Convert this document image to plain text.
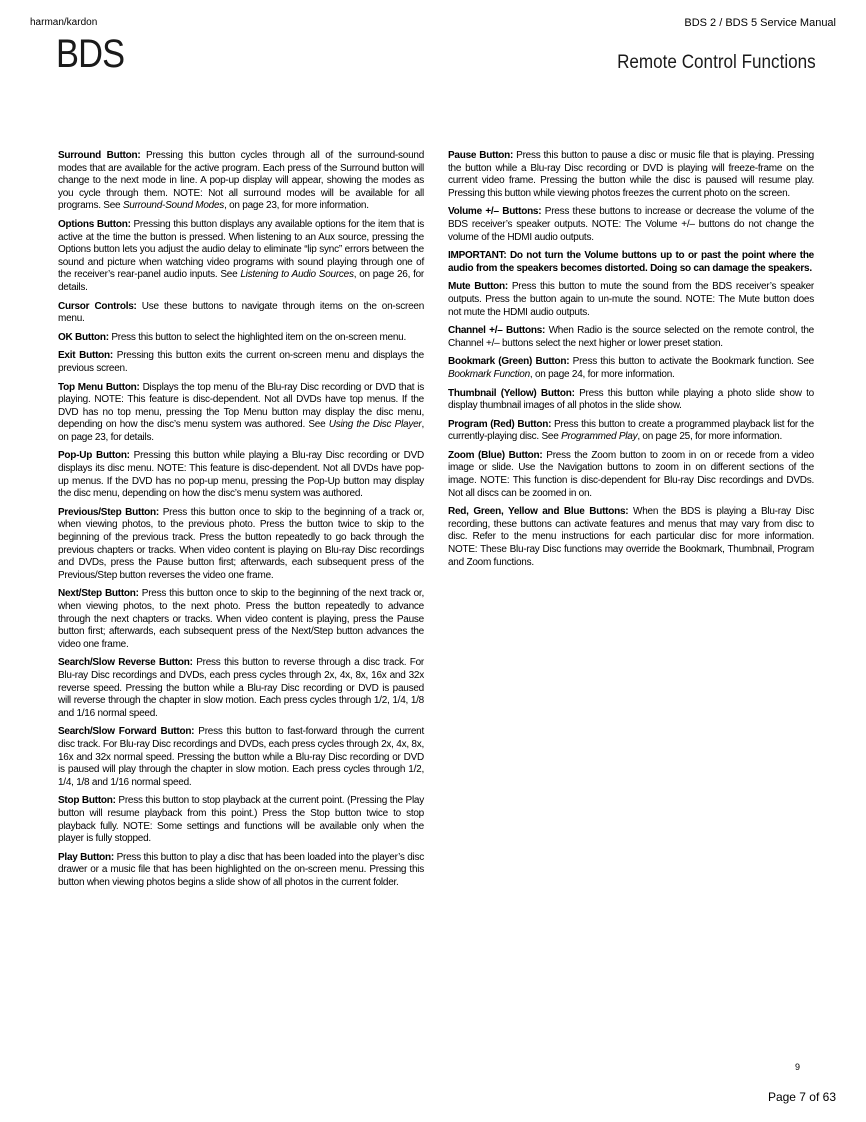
harman/kardon	BDS 2 / BDS 5 Service Manual
BDS	Remote Control Functions

Surround Button: Pressing this button cycles through all of the surround-sound modes that are available for the active program. Each press of the Surround button will change to the next mode in line. A pop-up display will appear, showing the modes as you cycle through them. NOTE: Not all surround modes will be available for all programs. See Surround-Sound Modes, on page 23, for more information.

Options Button: Pressing this button displays any available options for the item that is active at the time the button is pressed. When listening to an Aux source, pressing the Options button lets you adjust the audio delay to eliminate “lip sync” errors between the sound and picture when watching video programs with sound playing through one of the receiver’s rear-panel audio inputs. See Listening to Audio Sources, on page 26, for details.

Cursor Controls: Use these buttons to navigate through items on the on-screen menu.

OK Button: Press this button to select the highlighted item on the on-screen menu.

Exit Button: Pressing this button exits the current on-screen menu and displays the previous screen.

Top Menu Button: Displays the top menu of the Blu-ray Disc recording or DVD that is playing. NOTE: This feature is disc-dependent. Not all DVDs have top menus. If the DVD has no top menu, pressing the Top Menu button may display the disc menu, depending on how the disc’s menu system was authored. See Using the Disc Player, on page 23, for details.

Pop-Up Button: Pressing this button while playing a Blu-ray Disc recording or DVD displays its disc menu. NOTE: This feature is disc-dependent. Not all DVDs have pop-up menus. If the DVD has no pop-up menu, pressing the Pop-Up button may display the disc menu, depending on how the disc’s menu system was authored.

Previous/Step Button: Press this button once to skip to the beginning of a track or, when viewing photos, to the previous photo. Press the button twice to skip to the beginning of the previous track. Press the button repeatedly to go back through the previous chapters or tracks. When video content is playing on Blu-ray Disc recordings and DVDs, press the Pause button first; afterwards, each subsequent press of the Previous/Step button reverses the video one frame.

Next/Step Button: Press this button once to skip to the beginning of the next track or, when viewing photos, to the next photo. Press the button repeatedly to advance through the next chapters or tracks. When video content is playing, press the Pause button first; afterwards, each subsequent press of the Next/Step button advances the video one frame.

Search/Slow Reverse Button: Press this button to reverse through a disc track. For Blu-ray Disc recordings and DVDs, each press cycles through 2x, 4x, 8x, 16x and 32x reverse speed. Pressing the button while a Blu-ray Disc recording or DVD is paused will reverse through the chapter in slow motion. Each press cycles through 1/2, 1/4, 1/8 and 1/16 normal speed.

Search/Slow Forward Button: Press this button to fast-forward through the current disc track. For Blu-ray Disc recordings and DVDs, each press cycles through 2x, 4x, 8x, 16x and 32x normal speed. Pressing the button while a Blu-ray Disc recording or DVD is paused will play through the chapter in slow motion. Each press cycles through 1/2, 1/4, 1/8 and 1/16 normal speed.

Stop Button: Press this button to stop playback at the current point. (Pressing the Play button will resume playback from this point.) Press the Stop button twice to stop playback fully. NOTE: Some settings and functions will be available only when the player is fully stopped.

Play Button: Press this button to play a disc that has been loaded into the player’s disc drawer or a music file that has been highlighted on the on-screen menu. Pressing this button when viewing photos begins a slide show of all photos in the current folder.

Pause Button: Press this button to pause a disc or music file that is playing. Pressing the button while a Blu-ray Disc recording or DVD is playing will freeze-frame on the current video frame. Pressing the button while the disc is paused will resume play. Pressing this button while viewing photos freezes the current photo on the screen.

Volume +/– Buttons: Press these buttons to increase or decrease the volume of the BDS receiver’s speaker outputs. NOTE: The Volume +/– buttons do not change the volume of the HDMI audio outputs.

IMPORTANT: Do not turn the Volume buttons up to or past the point where the audio from the speakers becomes distorted. Doing so can damage the speakers.

Mute Button: Press this button to mute the sound from the BDS receiver’s speaker outputs. Press the button again to un-mute the sound. NOTE: The Mute button does not mute the HDMI audio outputs.

Channel +/– Buttons: When Radio is the source selected on the remote control, the Channel +/– buttons select the next higher or lower preset station.

Bookmark (Green) Button: Press this button to activate the Bookmark function. See Bookmark Function, on page 24, for more information.

Thumbnail (Yellow) Button: Press this button while playing a photo slide show to display thumbnail images of all photos in the slide show.

Program (Red) Button: Press this button to create a programmed playback list for the currently-playing disc. See Programmed Play, on page 25, for more information.

Zoom (Blue) Button: Press the Zoom button to zoom in on or recede from a video image or slide. Use the Navigation buttons to zoom in on different sections of the image. NOTE: This function is disc-dependent for Blu-ray Disc recordings and DVDs. Not all discs can be zoomed in on.

Red, Green, Yellow and Blue Buttons: When the BDS is playing a Blu-ray Disc recording, these buttons can activate features and menus that may vary from disc to disc. Refer to the menu instructions for each particular disc for more information. NOTE: These Blu-ray Disc functions may override the Bookmark, Thumbnail, Program and Zoom functions.

9
Page 7 of 63
